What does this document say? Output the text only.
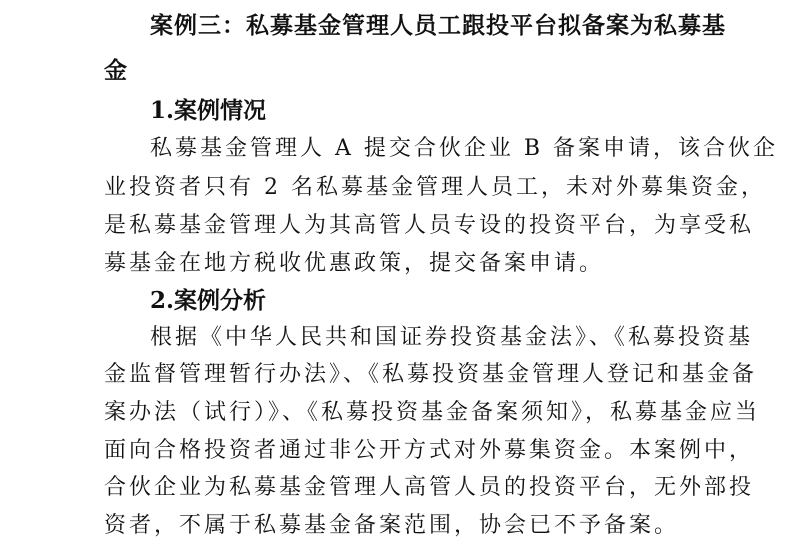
案例三：私募基金管理人员工跟投平台拟备案为私募基
金
1.案例情况
私募基金管理人 A 提交合伙企业 B 备案申请，该合伙企
业投资者只有 2 名私募基金管理人员工，未对外募集资金，
是私募基金管理人为其高管人员专设的投资平台，为享受私
募基金在地方税收优惠政策，提交备案申请。
2.案例分析
根据《中华人民共和国证券投资基金法》、《私募投资基
金监督管理暂行办法》、《私募投资基金管理人登记和基金备
案办法（试行）》、《私募投资基金备案须知》，私募基金应当
面向合格投资者通过非公开方式对外募集资金。本案例中，
合伙企业为私募基金管理人高管人员的投资平台，无外部投
资者，不属于私募基金备案范围，协会已不予备案。
